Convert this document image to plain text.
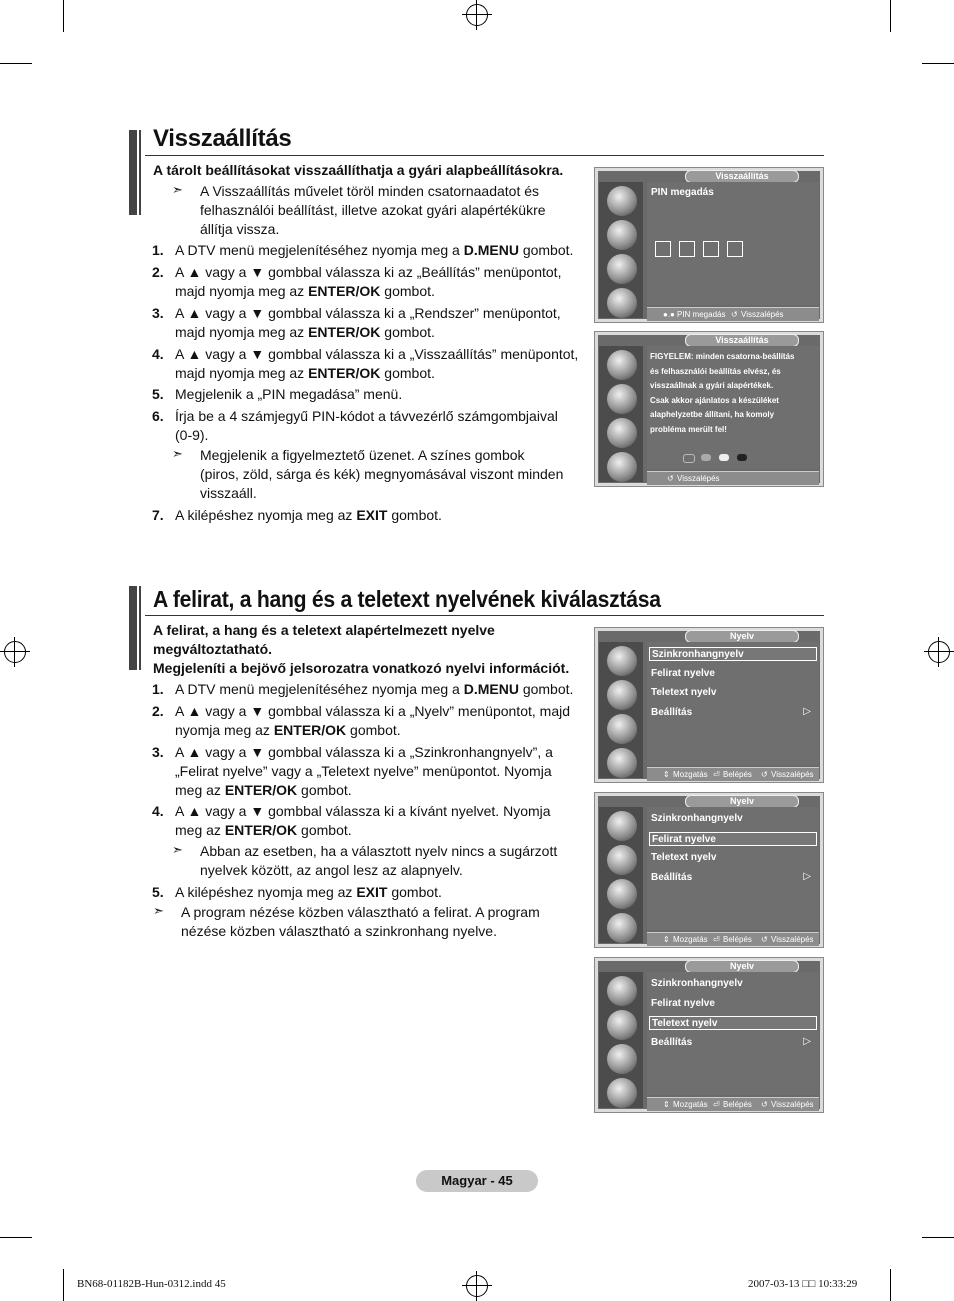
Visszaállítás
A tárolt beállításokat visszaállíthatja a gyári alapbeállításokra.
➣ A Visszaállítás művelet töröl minden csatornaadatot és
felhasználói beállítást, illetve azokat gyári alapértékükre
állítja vissza.
1. A DTV menü megjelenítéséhez nyomja meg a D.MENU gombot.
2. A ▲ vagy a ▼ gombbal válassza ki az „Beállítás” menüpontot,
majd nyomja meg az ENTER/OK gombot.
3. A ▲ vagy a ▼ gombbal válassza ki a „Rendszer” menüpontot,
majd nyomja meg az ENTER/OK gombot.
4. A ▲ vagy a ▼ gombbal válassza ki a „Visszaállítás” menüpontot,
majd nyomja meg az ENTER/OK gombot.
5. Megjelenik a „PIN megadása” menü.
6. Írja be a 4 számjegyű PIN-kódot a távvezérlő számgombjaival
(0-9).
➣ Megjelenik a figyelmeztető üzenet. A színes gombok
(piros, zöld, sárga és kék) megnyomásával viszont minden
visszaáll.
7. A kilépéshez nyomja meg az EXIT gombot.
Visszaállítás
PIN megadás
●.● PIN megadás ↺ Visszalépés
Visszaállítás
FIGYELEM: minden csatorna-beállítás
és felhasználói beállítás elvész, és
visszaállnak a gyári alapértékek.
Csak akkor ajánlatos a készüléket
alaphelyzetbe állítani, ha komoly
probléma merült fel!
↺ Visszalépés
A felirat, a hang és a teletext nyelvének kiválasztása
A felirat, a hang és a teletext alapértelmezett nyelve
megváltoztatható.
Megjeleníti a bejövő jelsorozatra vonatkozó nyelvi információt.
1. A DTV menü megjelenítéséhez nyomja meg a D.MENU gombot.
2. A ▲ vagy a ▼ gombbal válassza ki a „Nyelv” menüpontot, majd
nyomja meg az ENTER/OK gombot.
3. A ▲ vagy a ▼ gombbal válassza ki a „Szinkronhangnyelv”, a
„Felirat nyelve” vagy a „Teletext nyelve” menüpontot. Nyomja
meg az ENTER/OK gombot.
4. A ▲ vagy a ▼ gombbal válassza ki a kívánt nyelvet. Nyomja
meg az ENTER/OK gombot.
➣ Abban az esetben, ha a választott nyelv nincs a sugárzott
nyelvek között, az angol lesz az alapnyelv.
5. A kilépéshez nyomja meg az EXIT gombot.
➣ A program nézése közben választható a felirat. A program
nézése közben választható a szinkronhang nyelve.
Nyelv
Szinkronhangnyelv
Felirat nyelve
Teletext nyelv
Beállítás	▷
⇕ Mozgatás ⏎ Belépés ↺ Visszalépés
Nyelv
Szinkronhangnyelv
Felirat nyelve
Teletext nyelv
Beállítás	▷
⇕ Mozgatás ⏎ Belépés ↺ Visszalépés
Nyelv
Szinkronhangnyelv
Felirat nyelve
Teletext nyelv
Beállítás	▷
⇕ Mozgatás ⏎ Belépés ↺ Visszalépés
Magyar - 45
BN68-01182B-Hun-0312.indd 45	2007-03-13 □□ 10:33:29
